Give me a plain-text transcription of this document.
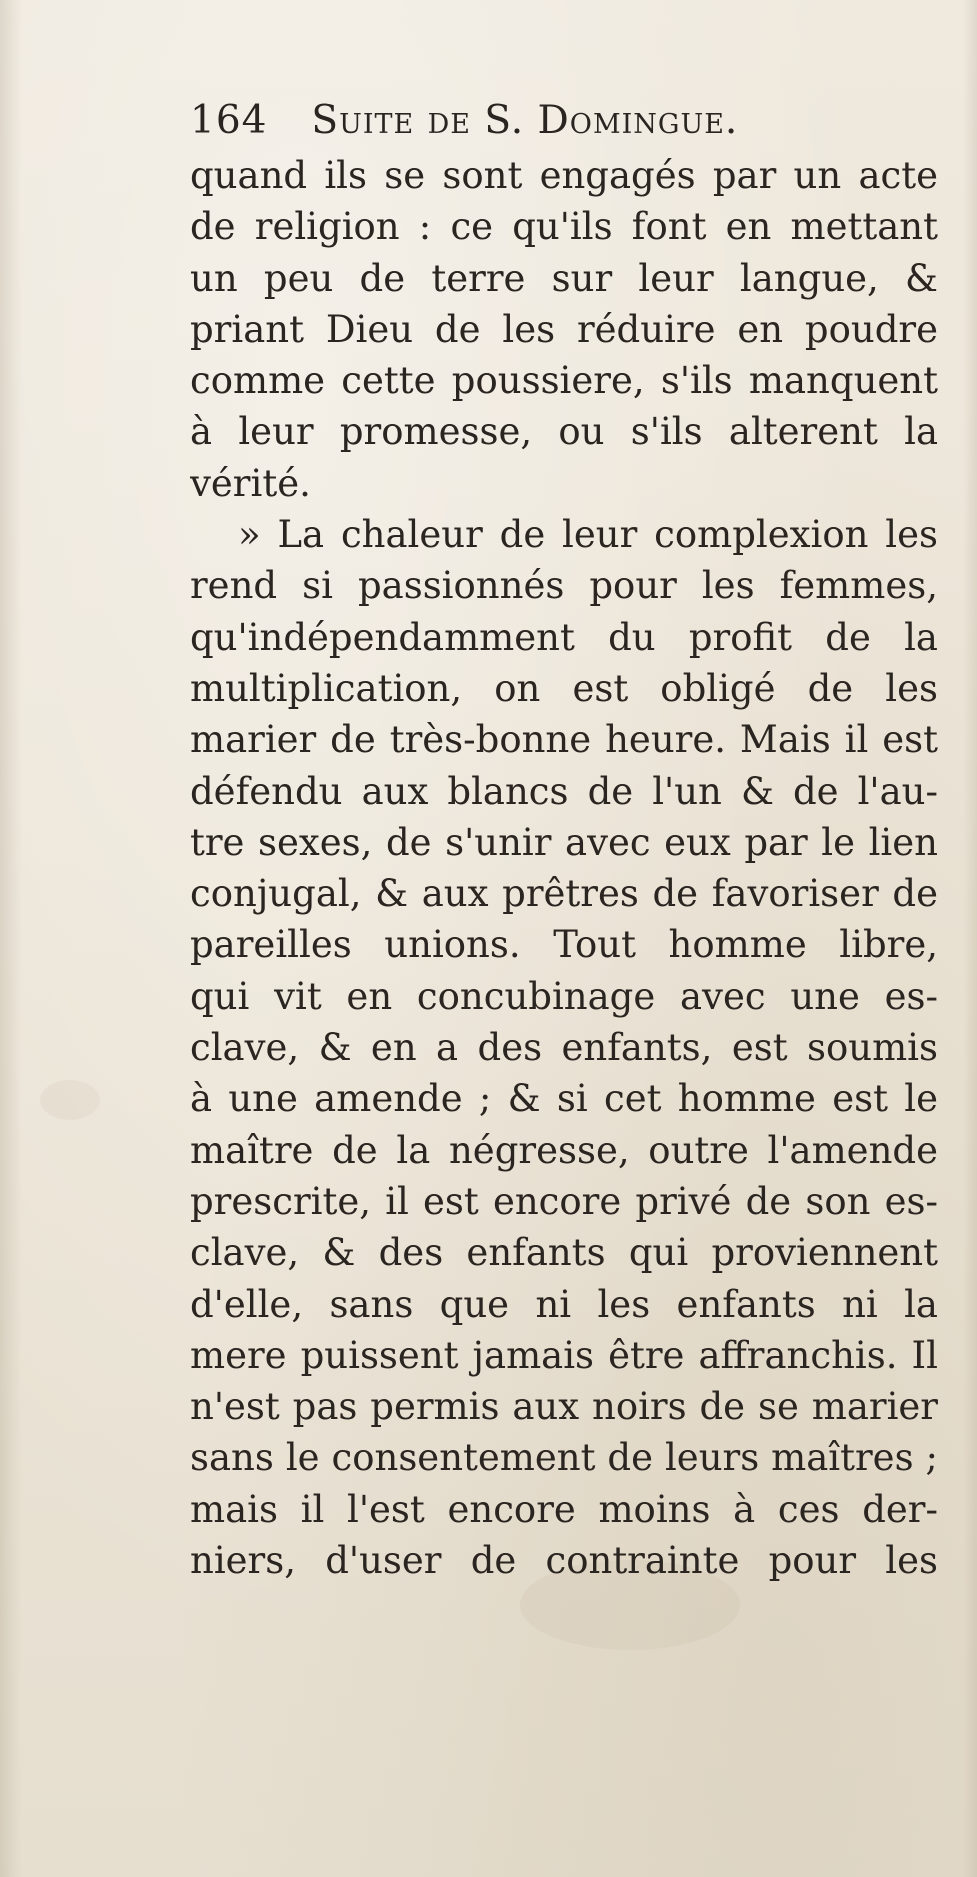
164 Suite de S. Domingue.
quand ils se sont engagés par un acte
de religion : ce qu'ils font en mettant
un peu de terre sur leur langue, &
priant Dieu de les réduire en poudre
comme cette poussiere, s'ils manquent
à leur promesse, ou s'ils alterent la
vérité.
» La chaleur de leur complexion les
rend si passionnés pour les femmes,
qu'indépendamment du profit de la
multiplication, on est obligé de les
marier de très-bonne heure. Mais il est
défendu aux blancs de l'un & de l'au-
tre sexes, de s'unir avec eux par le lien
conjugal, & aux prêtres de favoriser de
pareilles unions. Tout homme libre,
qui vit en concubinage avec une es-
clave, & en a des enfants, est soumis
à une amende ; & si cet homme est le
maître de la négresse, outre l'amende
prescrite, il est encore privé de son es-
clave, & des enfants qui proviennent
d'elle, sans que ni les enfants ni la
mere puissent jamais être affranchis. Il
n'est pas permis aux noirs de se marier
sans le consentement de leurs maîtres ;
mais il l'est encore moins à ces der-
niers, d'user de contrainte pour les
